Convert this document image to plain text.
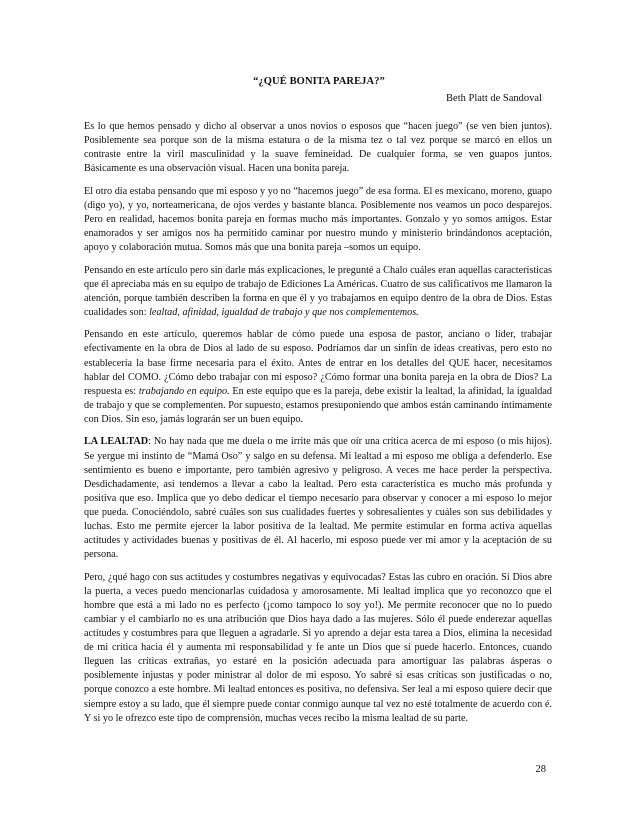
“¿QUÉ BONITA PAREJA?”
Beth Platt de Sandoval

Es lo que hemos pensado y dicho al observar a unos novios o esposos que “hacen juego” (se ven bien juntos). Posiblemente sea porque son de la misma estatura o de la misma tez o tal vez porque se marcó en ellos un contraste entre la viril masculinidad y la suave femineidad. De cualquier forma, se ven guapos juntos. Básicamente es una observación visual. Hacen una bonita pareja.

El otro día estaba pensando que mi esposo y yo no “hacemos juego” de esa forma. El es mexicano, moreno, guapo (digo yo), y yo, norteamericana, de ojos verdes y bastante blanca. Posiblemente nos veamos un poco desparejos. Pero en realidad, hacemos bonita pareja en formas mucho más importantes. Gonzalo y yo somos amigos. Estar enamorados y ser amigos nos ha permitido caminar por nuestro mundo y ministerio brindándonos aceptación, apoyo y colaboración mutua. Somos más que una bonita pareja –somos un equipo.

Pensando en este artículo pero sin darle más explicaciones, le pregunté a Chalo cuáles eran aquellas características que él apreciaba más en su equipo de trabajo de Ediciones La Américas. Cuatro de sus calificativos me llamaron la atención, porque también describen la forma en que él y yo trabajamos en equipo dentro de la obra de Dios. Estas cualidades son: lealtad, afinidad, igualdad de trabajo y que nos complementemos.

Pensando en este artículo, queremos hablar de cómo puede una esposa de pastor, anciano o líder, trabajar efectivamente en la obra de Dios al lado de su esposo. Podríamos dar un sinfín de ideas creativas, pero esto no establecería la base firme necesaria para el éxito. Antes de entrar en los detalles del QUE hacer, necesitamos hablar del COMO. ¿Cómo debo trabajar con mi esposo? ¿Cómo formar una bonita pareja en la obra de Dios? La respuesta es: trabajando en equipo. En este equipo que es la pareja, debe existir la lealtad, la afinidad, la igualdad de trabajo y que se complementen. Por supuesto, estamos presuponiendo que ambos están caminando íntimamente con Dios. Sin eso, jamás lograrán ser un buen equipo.

LA LEALTAD: No hay nada que me duela o me irrite más que oír una crítica acerca de mi esposo (o mis hijos). Se yergue mi instinto de “Mamá Oso” y salgo en su defensa. Mi lealtad a mi esposo me obliga a defenderlo. Ese sentimiento es bueno e importante, pero también agresivo y peligroso. A veces me hace perder la perspectiva. Desdichadamente, así tendemos a llevar a cabo la lealtad. Pero esta característica es mucho más profunda y positiva que eso. Implica que yo debo dedicar el tiempo necesario para observar y conocer a mi esposo lo mejor que pueda. Conociéndolo, sabré cuáles son sus cualidades fuertes y sobresalientes y cuáles son sus debilidades y luchas. Esto me permite ejercer la labor positiva de la lealtad. Me permite estimular en forma activa aquellas actitudes y actividades buenas y positivas de él. Al hacerlo, mi esposo puede ver mi amor y la aceptación de su persona.

Pero, ¿qué hago con sus actitudes y costumbres negativas y equivocadas? Estas las cubro en oración. Si Dios abre la puerta, a veces puedo mencionarlas cuidadosa y amorosamente. Mi lealtad implica que yo reconozco que el hombre que está a mi lado no es perfecto (¡como tampoco lo soy yo!). Me permite reconocer que no lo puedo cambiar y el cambiarlo no es una atribución que Dios haya dado a las mujeres. Sólo él puede enderezar aquellas actitudes y costumbres para que lleguen a agradarle. Si yo aprendo a dejar esta tarea a Dios, elimina la necesidad de mi crítica hacia él y aumenta mi responsabilidad y fe ante un Dios que sí puede hacerlo. Entonces, cuando lleguen las críticas extrañas, yo estaré en la posición adecuada para amortiguar las palabras ásperas o posiblemente injustas y poder ministrar al dolor de mi esposo. Yo sabré si esas críticas son justificadas o no, porque conozco a este hombre. Mi lealtad entonces es positiva, no defensiva. Ser leal a mi esposo quiere decir que siempre estoy a su lado, que él siempre puede contar conmigo aunque tal vez no esté totalmente de acuerdo con é. Y si yo le ofrezco este tipo de comprensión, muchas veces recibo la misma lealtad de su parte.

28
